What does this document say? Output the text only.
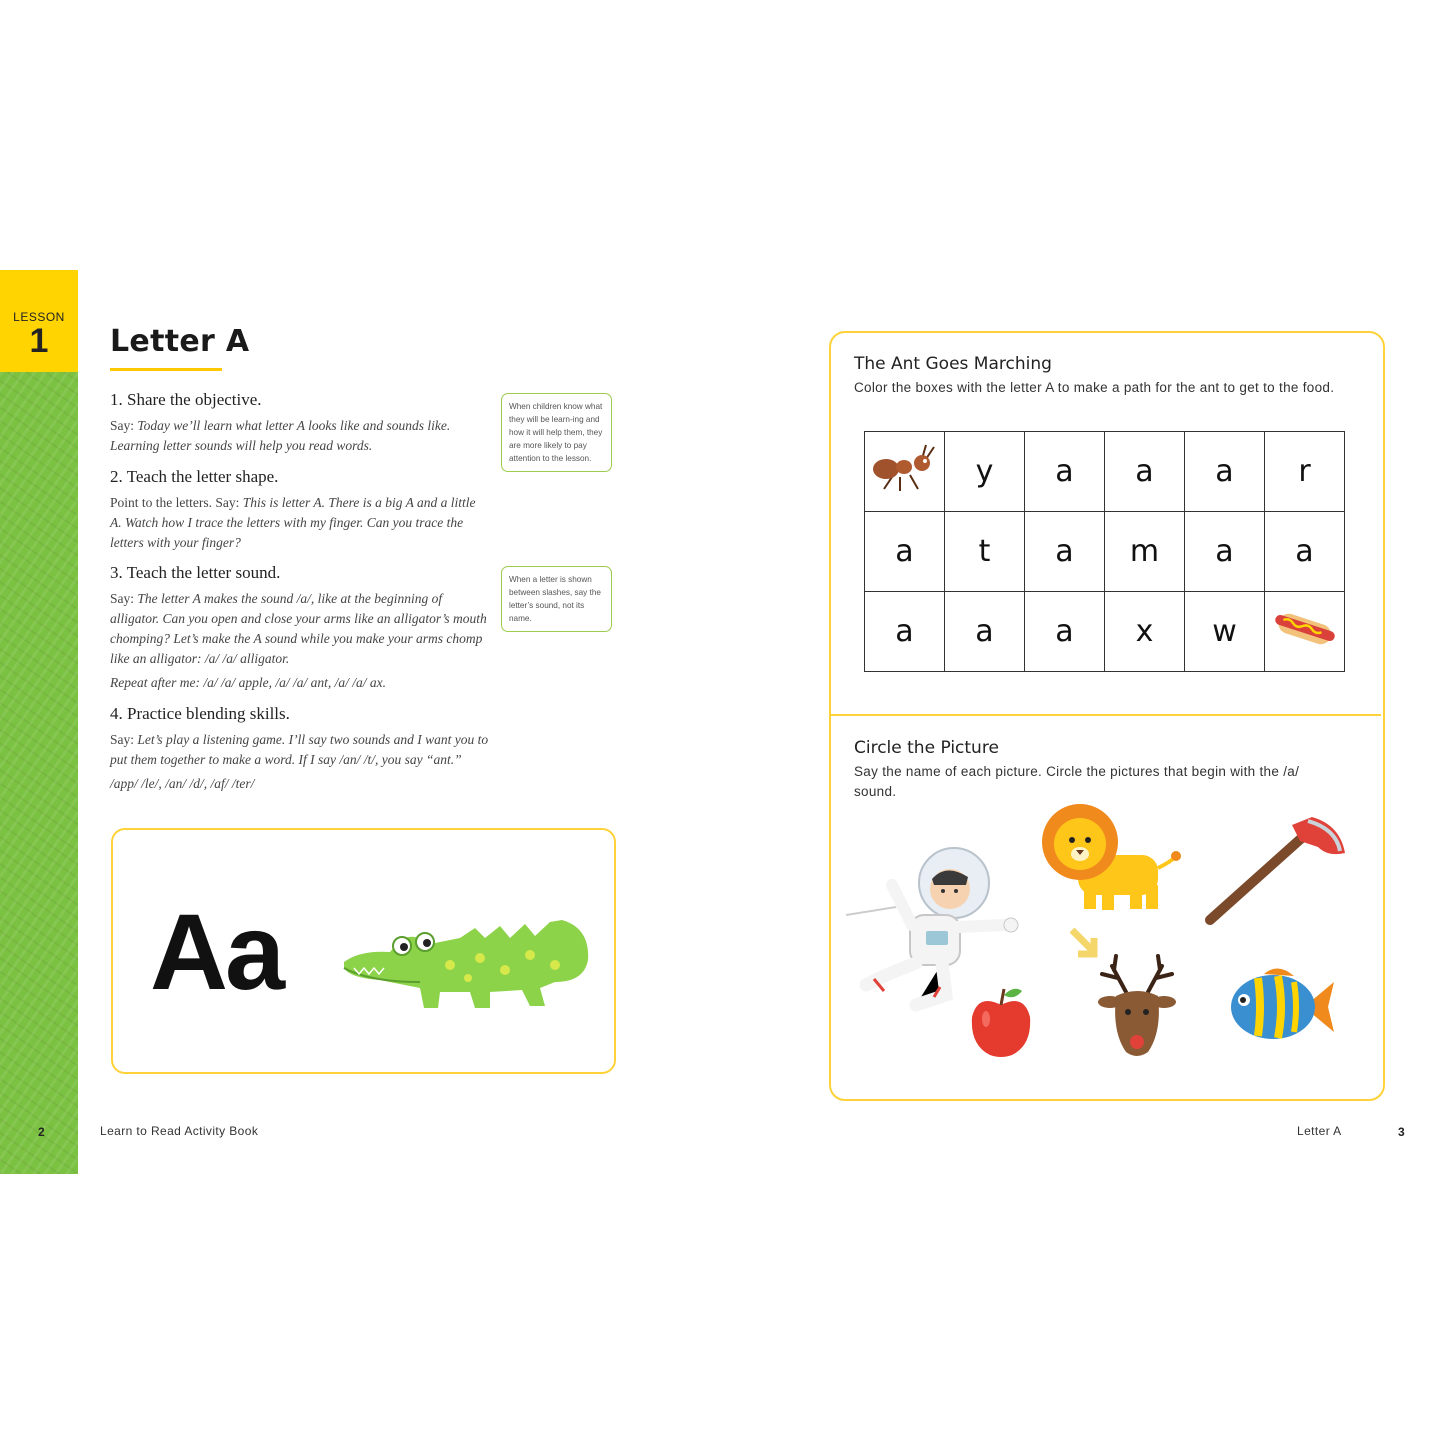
LESSON
1	Letter A
1. Share the objective.

Say: Today we’ll learn what letter A looks like and sounds like. Learning letter sounds will help you read words.

2. Teach the letter shape.

Point to the letters. Say: This is letter A. There is a big A and a little A. Watch how I trace the letters with my finger. Can you trace the letters with your finger?

3. Teach the letter sound.

Say: The letter A makes the sound /a/, like at the beginning of alligator. Can you open and close your arms like an alligator’s mouth chomping? Let’s make the A sound while you make your arms chomp like an alligator: /a/ /a/ alligator.

Repeat after me: /a/ /a/ apple, /a/ /a/ ant, /a/ /a/ ax.

4. Practice blending skills.

Say: Let’s play a listening game. I’ll say two sounds and I want you to put them together to make a word. If I say /an/ /t/, you say “ant.”

/app/ /le/, /an/ /d/, /af/ /ter/

When children know what they will be learn-ing and how it will help them, they are more likely to pay attention to the lesson.
When a letter is shown between slashes, say the letter’s sound, not its name.
Aa
2	Learn to Read Activity Book
The Ant Goes Marching
Color the boxes with the letter A to make a path for the ant to get to the food.
	y	a	a	a	r
a	t	a	m	a	a
a	a	a	x	w	
Circle the Picture
Say the name of each picture. Circle the pictures that begin with the /a/ sound.
Letter A	3
